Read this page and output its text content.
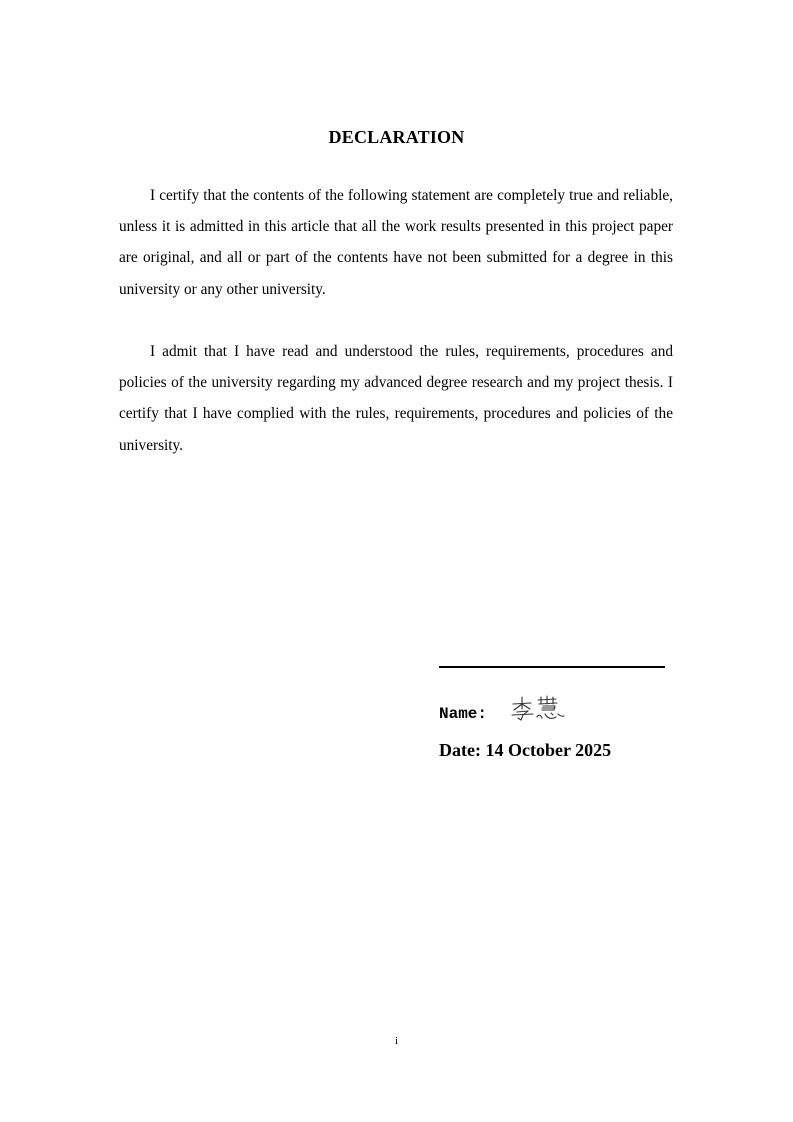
DECLARATION

I certify that the contents of the following statement are completely true and reliable, unless it is admitted in this article that all the work results presented in this project paper are original, and all or part of the contents have not been submitted for a degree in this university or any other university.

I admit that I have read and understood the rules, requirements, procedures and policies of the university regarding my advanced degree research and my project thesis. I certify that I have complied with the rules, requirements, procedures and policies of the university.

Name:
Date: 14 October 2025
i
